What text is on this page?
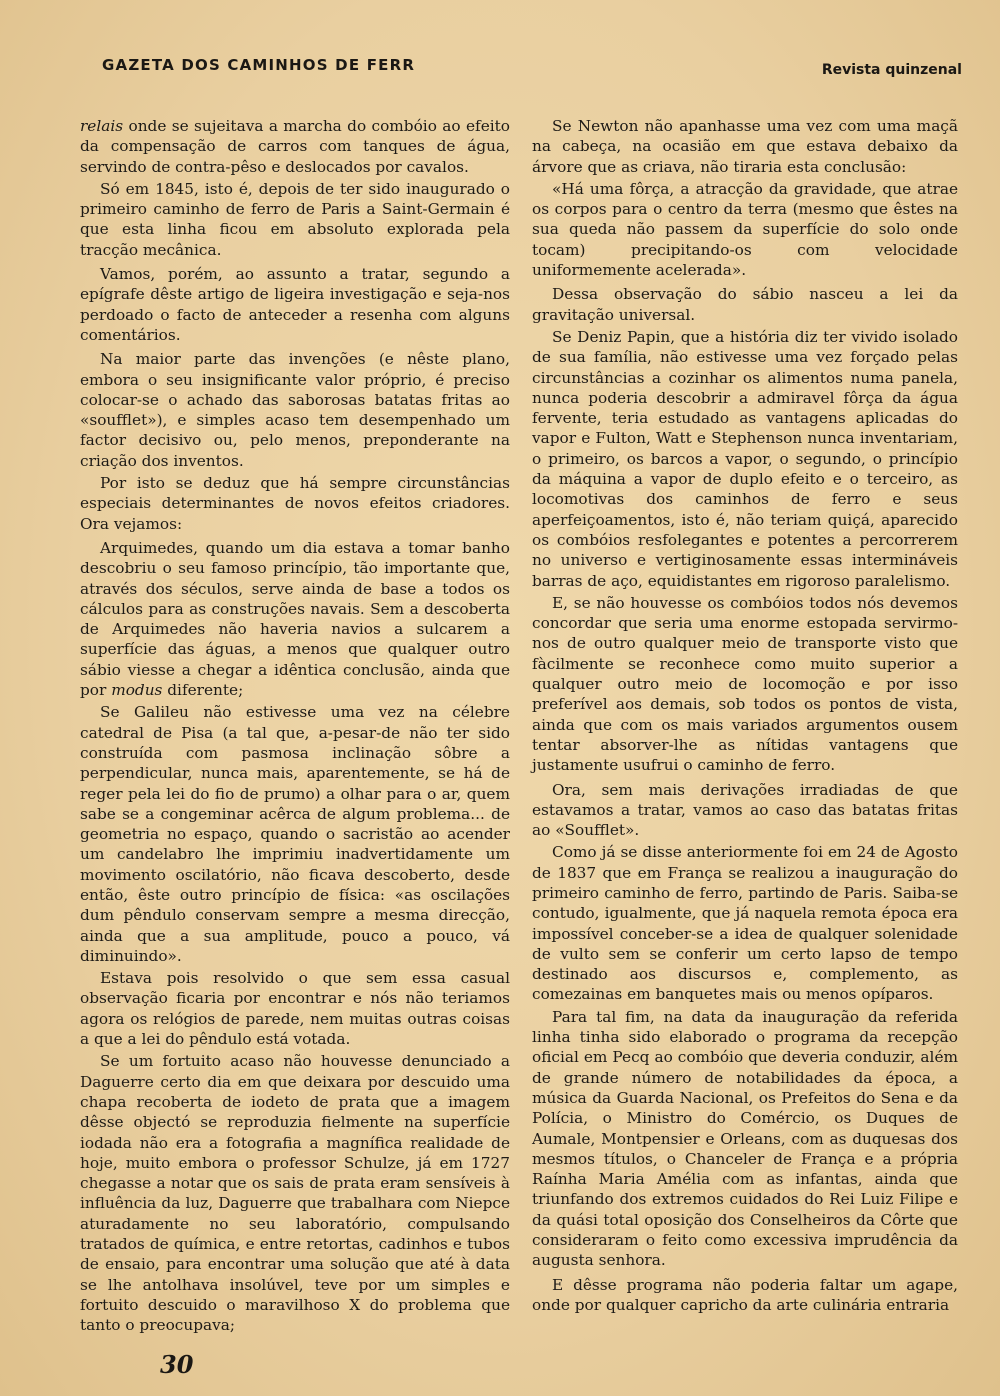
GAZETA DOS CAMINHOS DE FERR	Revista quinzenal

relais onde se sujeitava a marcha do combóio ao efeito da compensação de carros com tanques de água, servindo de contra-pêso e deslocados por cavalos.

Só em 1845, isto é, depois de ter sido inaugurado o primeiro caminho de ferro de Paris a Saint-Germain é que esta linha ficou em absoluto explorada pela tracção mecânica.

Vamos, porém, ao assunto a tratar, segundo a epígrafe dêste artigo de ligeira investigação e seja-nos perdoado o facto de anteceder a resenha com alguns comentários.

Na maior parte das invenções (e nêste plano, embora o seu insignificante valor próprio, é preciso colocar-se o achado das saborosas batatas fritas ao «soufflet»), e simples acaso tem desempenhado um factor decisivo ou, pelo menos, preponderante na criação dos inventos.

Por isto se deduz que há sempre circunstâncias especiais determinantes de novos efeitos criadores. Ora vejamos:

Arquimedes, quando um dia estava a tomar banho descobriu o seu famoso princípio, tão importante que, através dos séculos, serve ainda de base a todos os cálculos para as construções navais. Sem a descoberta de Arquimedes não haveria navios a sulcarem a superfície das águas, a menos que qualquer outro sábio viesse a chegar a idêntica conclusão, ainda que por modus diferente;

Se Galileu não estivesse uma vez na célebre catedral de Pisa (a tal que, a-pesar-de não ter sido construída com pasmosa inclinação sôbre a perpendicular, nunca mais, aparentemente, se há de reger pela lei do fio de prumo) a olhar para o ar, quem sabe se a congeminar acêrca de algum problema... de geometria no espaço, quando o sacristão ao acender um candelabro lhe imprimiu inadvertidamente um movimento oscilatório, não ficava descoberto, desde então, êste outro princípio de física: «as oscilações dum pêndulo conservam sempre a mesma direcção, ainda que a sua amplitude, pouco a pouco, vá diminuindo».

Estava pois resolvido o que sem essa casual observação ficaria por encontrar e nós não teriamos agora os relógios de parede, nem muitas outras coisas a que a lei do pêndulo está votada.

Se um fortuito acaso não houvesse denunciado a Daguerre certo dia em que deixara por descuido uma chapa recoberta de iodeto de prata que a imagem dêsse objectó se reproduzia fielmente na superfície iodada não era a fotografia a magnífica realidade de hoje, muito embora o professor Schulze, já em 1727 chegasse a notar que os sais de prata eram sensíveis à influência da luz, Daguerre que trabalhara com Niepce aturadamente no seu laboratório, compulsando tratados de química, e entre retortas, cadinhos e tubos de ensaio, para encontrar uma solução que até à data se lhe antolhava insolúvel, teve por um simples e fortuito descuido o maravilhoso X do problema que tanto o preocupava;

Se Newton não apanhasse uma vez com uma maçã na cabeça, na ocasião em que estava debaixo da árvore que as criava, não tiraria esta conclusão:

«Há uma fôrça, a atracção da gravidade, que atrae os corpos para o centro da terra (mesmo que êstes na sua queda não passem da superfície do solo onde tocam) precipitando-os com velocidade uniformemente acelerada».

Dessa observação do sábio nasceu a lei da gravitação universal.

Se Deniz Papin, que a história diz ter vivido isolado de sua família, não estivesse uma vez forçado pelas circunstâncias a cozinhar os alimentos numa panela, nunca poderia descobrir a admiravel fôrça da água fervente, teria estudado as vantagens aplicadas do vapor e Fulton, Watt e Stephenson nunca inventariam, o primeiro, os barcos a vapor, o segundo, o princípio da máquina a vapor de duplo efeito e o terceiro, as locomotivas dos caminhos de ferro e seus aperfeiçoamentos, isto é, não teriam quiçá, aparecido os combóios resfolegantes e potentes a percorrerem no universo e vertiginosamente essas intermináveis barras de aço, equidistantes em rigoroso paralelismo.

E, se não houvesse os combóios todos nós devemos concordar que seria uma enorme estopada servirmo-nos de outro qualquer meio de transporte visto que fàcilmente se reconhece como muito superior a qualquer outro meio de locomoção e por isso preferível aos demais, sob todos os pontos de vista, ainda que com os mais variados argumentos ousem tentar absorver-lhe as nítidas vantagens que justamente usufrui o caminho de ferro.

Ora, sem mais derivações irradiadas de que estavamos a tratar, vamos ao caso das batatas fritas ao «Soufflet».

Como já se disse anteriormente foi em 24 de Agosto de 1837 que em França se realizou a inauguração do primeiro caminho de ferro, partindo de Paris. Saiba-se contudo, igualmente, que já naquela remota época era impossível conceber-se a idea de qualquer solenidade de vulto sem se conferir um certo lapso de tempo destinado aos discursos e, complemento, as comezainas em banquetes mais ou menos opíparos.

Para tal fim, na data da inauguração da referida linha tinha sido elaborado o programa da recepção oficial em Pecq ao combóio que deveria conduzir, além de grande número de notabilidades da época, a música da Guarda Nacional, os Prefeitos do Sena e da Polícia, o Ministro do Comércio, os Duques de Aumale, Montpensier e Orleans, com as duquesas dos mesmos títulos, o Chanceler de França e a própria Raínha Maria Amélia com as infantas, ainda que triunfando dos extremos cuidados do Rei Luiz Filipe e da quási total oposição dos Conselheiros da Côrte que consideraram o feito como excessiva imprudência da augusta senhora.

E dêsse programa não poderia faltar um agape, onde por qualquer capricho da arte culinária entraria

30
